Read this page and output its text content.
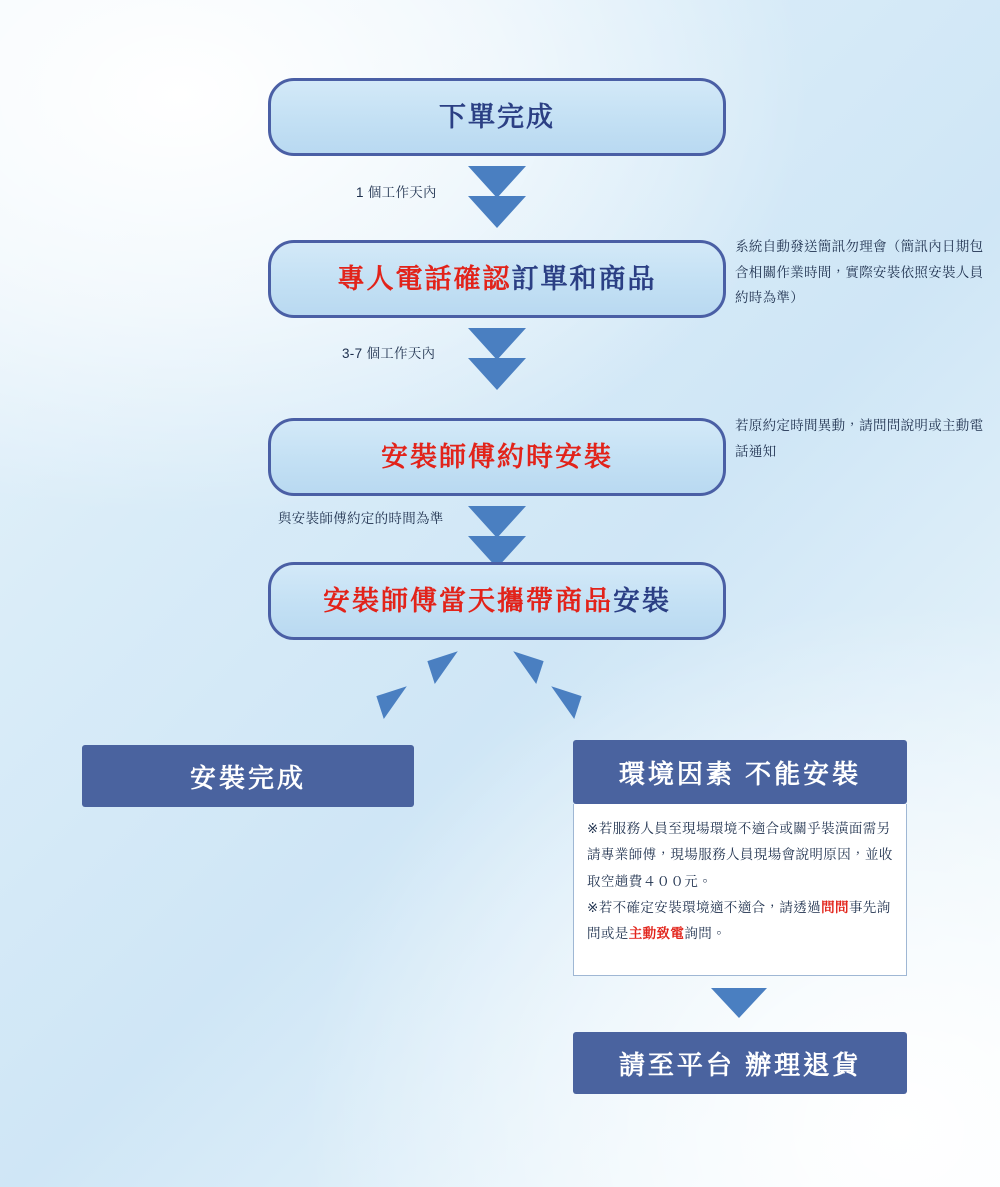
下單完成
1 個工作天內
專人電話確認 訂單和商品
系統自動發送簡訊勿理會（簡訊內日期包含相關作業時間，實際安裝依照安裝人員約時為準）
3-7 個工作天內
安裝師傅約時安裝
若原約定時間異動，請問問說明或主動電話通知
與安裝師傅約定的時間為準
安裝師傅當天攜帶商品 安裝
安裝完成	環境因素 不能安裝
※若服務人員至現場環境不適合或關乎裝潢面需另請專業師傅，現場服務人員現場會說明原因，並收取空趟費４００元。
※若不確定安裝環境適不適合，請透過問問事先詢問或是主動致電詢問。
請至平台 辦理退貨
